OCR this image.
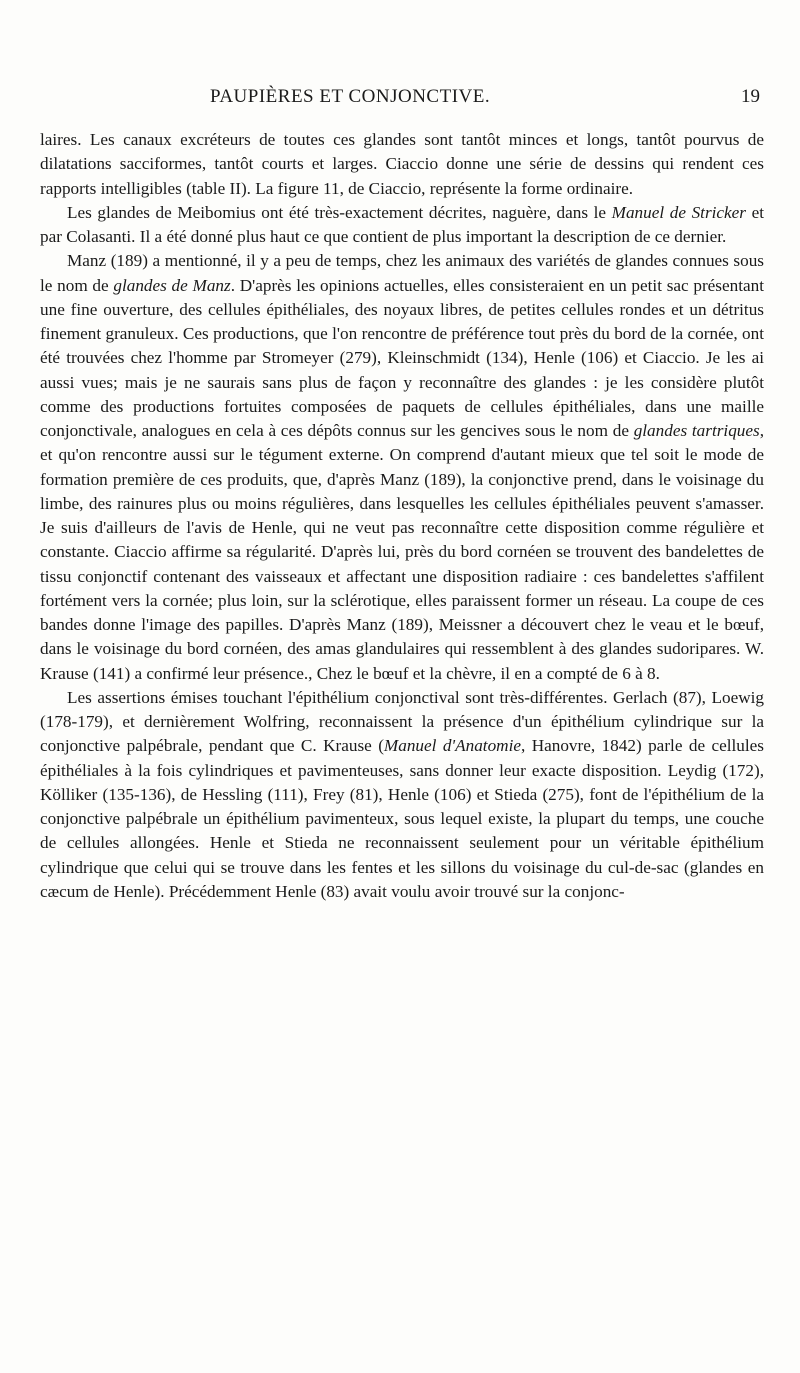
PAUPIÈRES ET CONJONCTIVE.	19

laires. Les canaux excréteurs de toutes ces glandes sont tantôt minces et longs, tantôt pourvus de dilatations sacciformes, tantôt courts et larges. Ciaccio donne une série de dessins qui rendent ces rapports intelligibles (table II). La figure 11, de Ciaccio, représente la forme ordinaire.

Les glandes de Meibomius ont été très-exactement décrites, naguère, dans le Manuel de Stricker et par Colasanti. Il a été donné plus haut ce que contient de plus important la description de ce dernier.

Manz (189) a mentionné, il y a peu de temps, chez les animaux des variétés de glandes connues sous le nom de glandes de Manz. D'après les opinions actuelles, elles consisteraient en un petit sac présentant une fine ouverture, des cellules épithéliales, des noyaux libres, de petites cellules rondes et un détritus finement granuleux. Ces productions, que l'on rencontre de préférence tout près du bord de la cornée, ont été trouvées chez l'homme par Stromeyer (279), Kleinschmidt (134), Henle (106) et Ciaccio. Je les ai aussi vues; mais je ne saurais sans plus de façon y reconnaître des glandes : je les considère plutôt comme des productions fortuites composées de paquets de cellules épithéliales, dans une maille conjonctivale, analogues en cela à ces dépôts connus sur les gencives sous le nom de glandes tartriques, et qu'on rencontre aussi sur le tégument externe. On comprend d'autant mieux que tel soit le mode de formation première de ces produits, que, d'après Manz (189), la conjonctive prend, dans le voisinage du limbe, des rainures plus ou moins régulières, dans lesquelles les cellules épithéliales peuvent s'amasser. Je suis d'ailleurs de l'avis de Henle, qui ne veut pas reconnaître cette disposition comme régulière et constante. Ciaccio affirme sa régularité. D'après lui, près du bord cornéen se trouvent des bandelettes de tissu conjonctif contenant des vaisseaux et affectant une disposition radiaire : ces bandelettes s'affilent fortément vers la cornée; plus loin, sur la sclérotique, elles paraissent former un réseau. La coupe de ces bandes donne l'image des papilles. D'après Manz (189), Meissner a découvert chez le veau et le bœuf, dans le voisinage du bord cornéen, des amas glandulaires qui ressemblent à des glandes sudoripares. W. Krause (141) a confirmé leur présence., Chez le bœuf et la chèvre, il en a compté de 6 à 8.

Les assertions émises touchant l'épithélium conjonctival sont très-différentes. Gerlach (87), Loewig (178-179), et dernièrement Wolfring, reconnaissent la présence d'un épithélium cylindrique sur la conjonctive palpébrale, pendant que C. Krause (Manuel d'Anatomie, Hanovre, 1842) parle de cellules épithéliales à la fois cylindriques et pavimenteuses, sans donner leur exacte disposition. Leydig (172), Kölliker (135-136), de Hessling (111), Frey (81), Henle (106) et Stieda (275), font de l'épithélium de la conjonctive palpébrale un épithélium pavimenteux, sous lequel existe, la plupart du temps, une couche de cellules allongées. Henle et Stieda ne reconnaissent seulement pour un véritable épithélium cylindrique que celui qui se trouve dans les fentes et les sillons du voisinage du cul-de-sac (glandes en cæcum de Henle). Précédemment Henle (83) avait voulu avoir trouvé sur la conjonc-
